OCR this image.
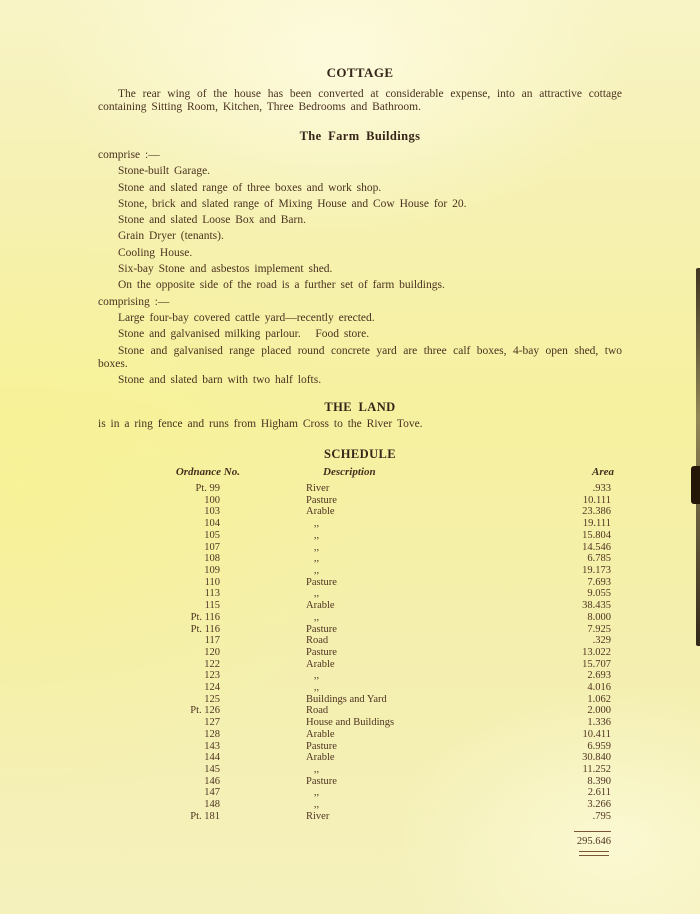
COTTAGE

The rear wing of the house has been converted at considerable expense, into an attractive cottage containing Sitting Room, Kitchen, Three Bedrooms and Bathroom.

The Farm Buildings

comprise :—

Stone-built Garage.

Stone and slated range of three boxes and work shop.

Stone, brick and slated range of Mixing House and Cow House for 20.

Stone and slated Loose Box and Barn.

Grain Dryer (tenants).

Cooling House.

Six-bay Stone and asbestos implement shed.

On the opposite side of the road is a further set of farm buildings.

comprising :—

Large four-bay covered cattle yard—recently erected.

Stone and galvanised milking parlour.   Food store.

Stone and galvanised range placed round concrete yard are three calf boxes, 4-bay open shed, two boxes.

Stone and slated barn with two half lofts.

THE LAND

is in a ring fence and runs from Higham Cross to the River Tove.

SCHEDULE
Ordnance No.	Description	Area
Pt. 99	River	.933
100	Pasture	10.111
103	Arable	23.386
104	,,	19.111
105	,,	15.804
107	,,	14.546
108	,,	6.785
109	,,	19.173
110	Pasture	7.693
113	,,	9.055
115	Arable	38.435
Pt. 116	,,	8.000
Pt. 116	Pasture	7.925
117	Road	.329
120	Pasture	13.022
122	Arable	15.707
123	,,	2.693
124	,,	4.016
125	Buildings and Yard	1.062
Pt. 126	Road	2.000
127	House and Buildings	1.336
128	Arable	10.411
143	Pasture	6.959
144	Arable	30.840
145	,,	11.252
146	Pasture	8.390
147	,,	2.611
148	,,	3.266
Pt. 181	River	.795
295.646
